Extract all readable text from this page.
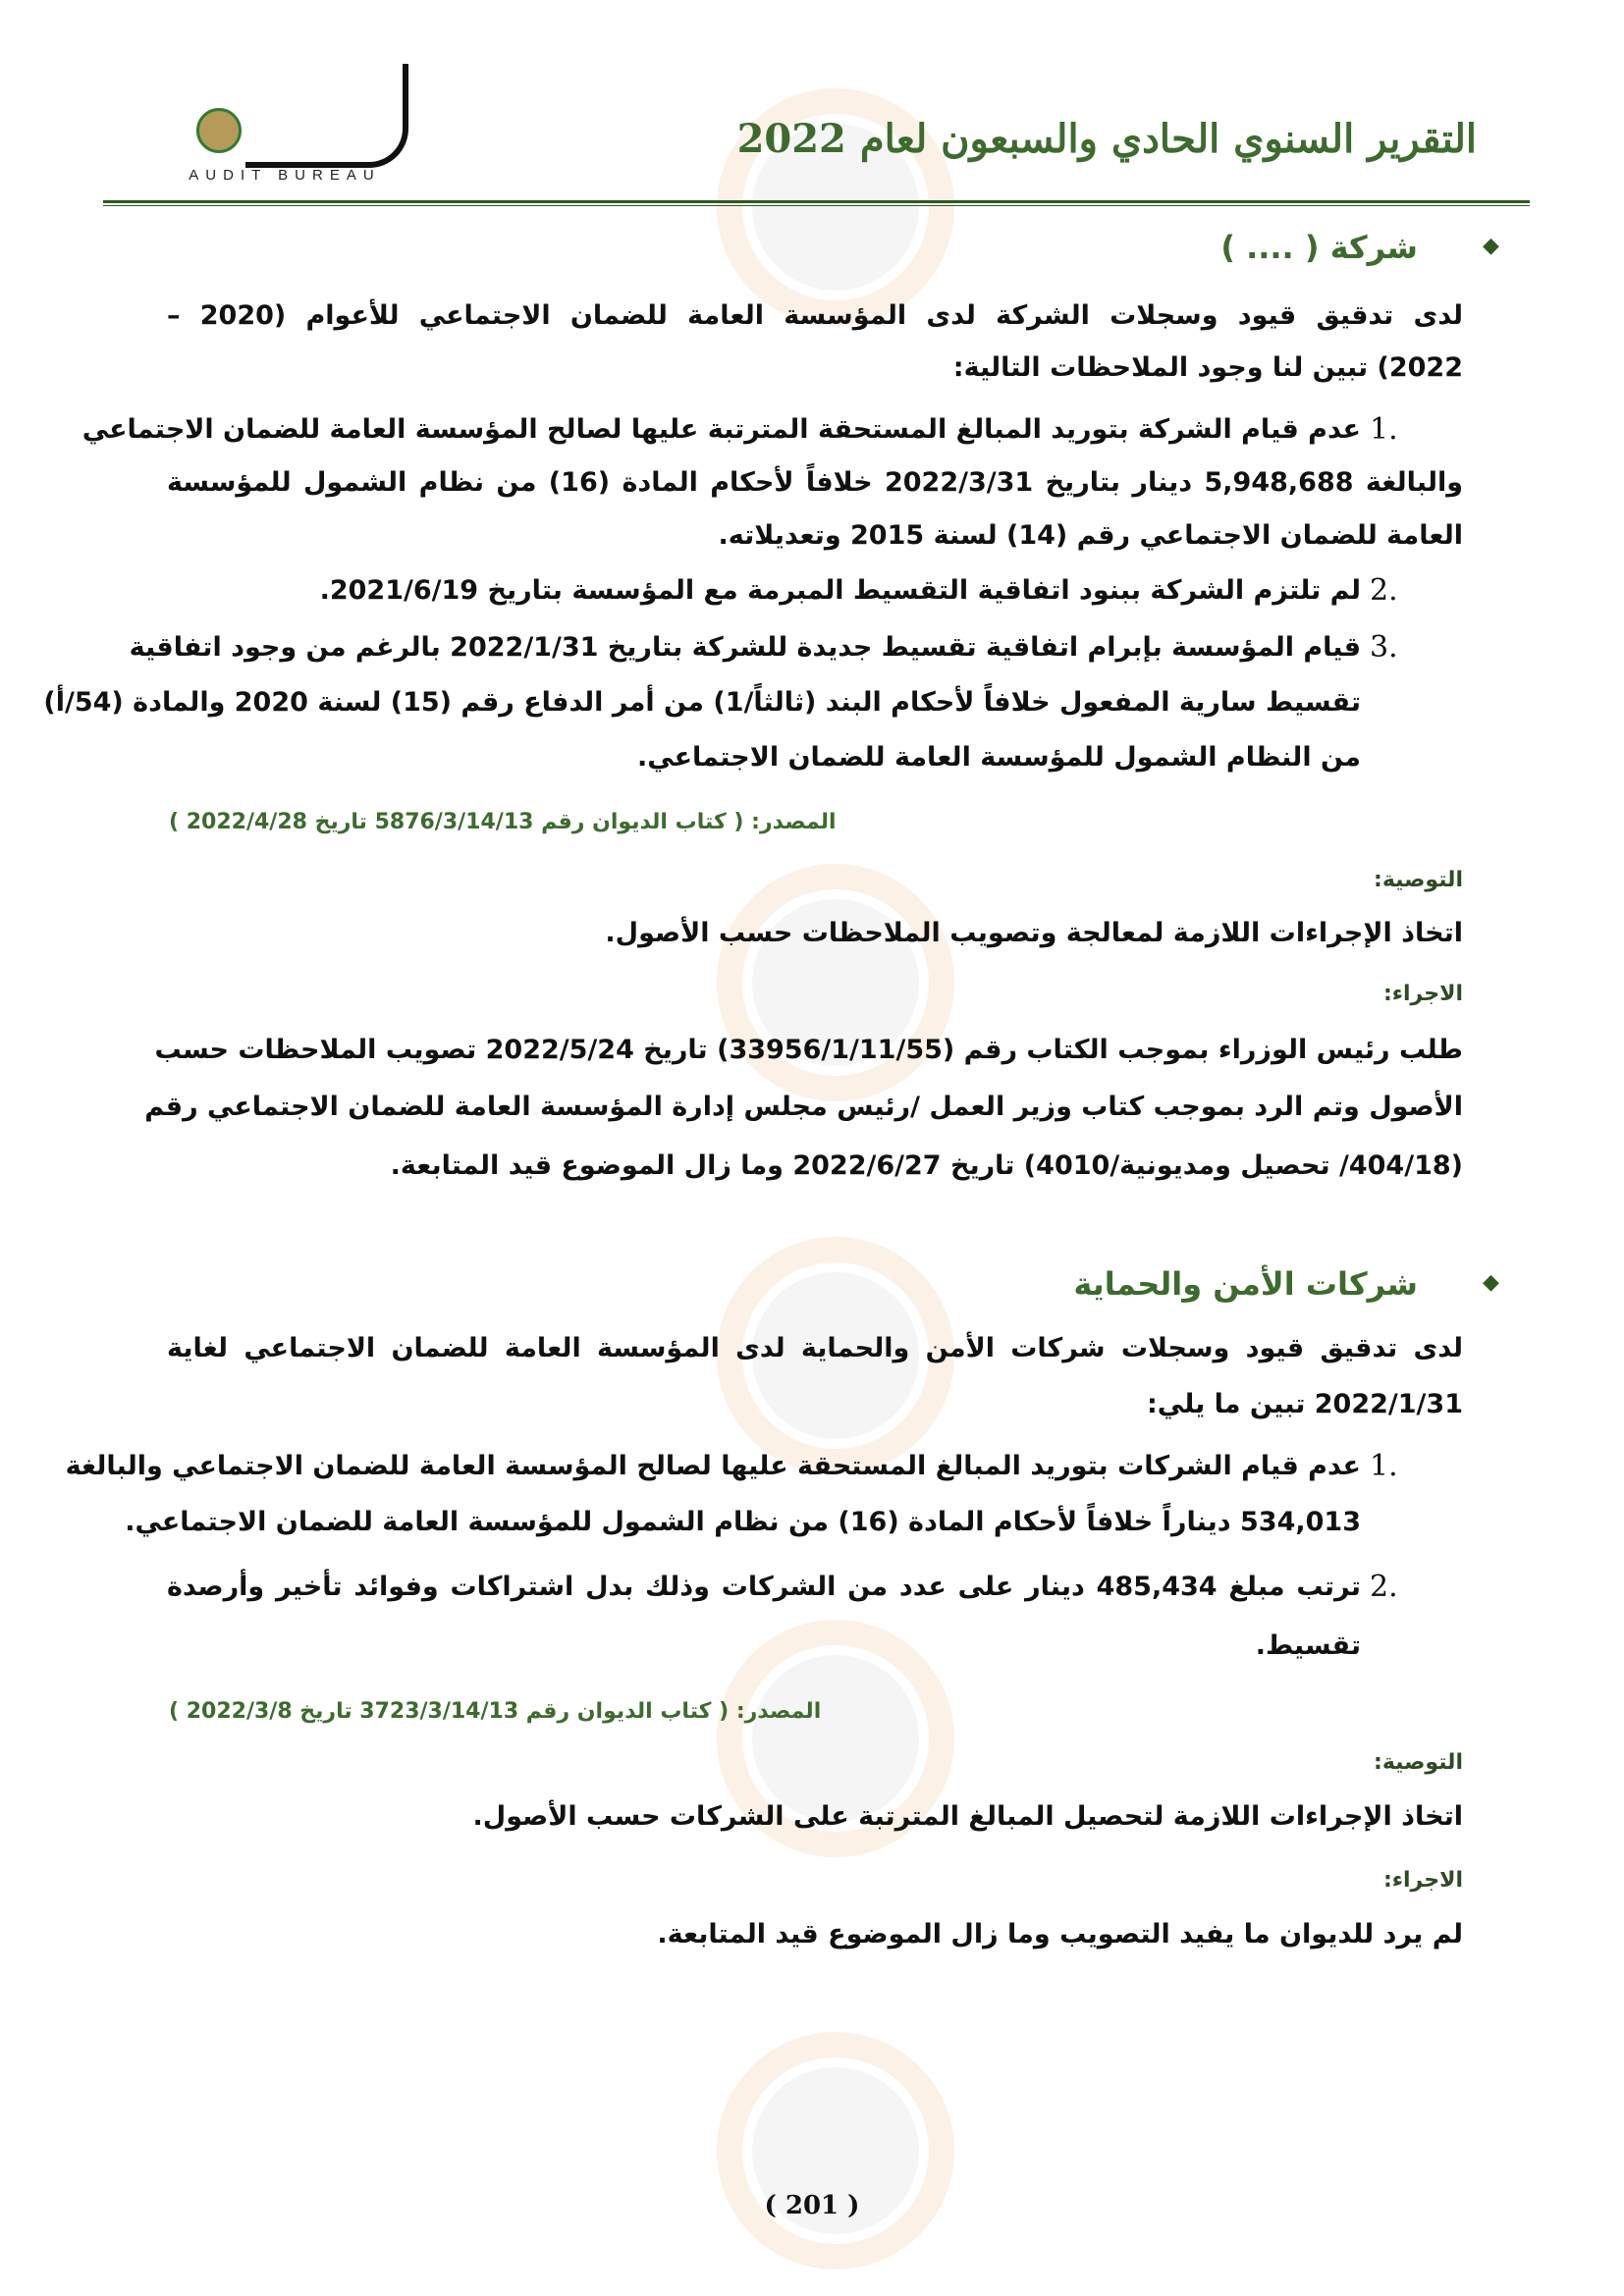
AUDIT BUREAU
التقرير السنوي الحادي والسبعون لعام 2022
◆
شركة ( .... )
لدى تدقيق قيود وسجلات الشركة لدى المؤسسة العامة للضمان الاجتماعي للأعوام (2020 –
2022) تبين لنا وجود الملاحظات التالية:
1.
عدم قيام الشركة بتوريد المبالغ المستحقة المترتبة عليها لصالح المؤسسة العامة للضمان الاجتماعي
والبالغة 5,948,688 دينار بتاريخ 2022/3/31 خلافاً لأحكام المادة (16) من نظام الشمول للمؤسسة
العامة للضمان الاجتماعي رقم (14) لسنة 2015 وتعديلاته.
2.
لم تلتزم الشركة ببنود اتفاقية التقسيط المبرمة مع المؤسسة بتاريخ 2021/6/19.
3.
قيام المؤسسة بإبرام اتفاقية تقسيط جديدة للشركة بتاريخ 2022/1/31 بالرغم من وجود اتفاقية
تقسيط سارية المفعول خلافاً لأحكام البند (ثالثاً/1) من أمر الدفاع رقم (15) لسنة 2020 والمادة (54/أ)
من النظام الشمول للمؤسسة العامة للضمان الاجتماعي.
المصدر: ( كتاب الديوان رقم 5876/3/14/13 تاريخ 2022/4/28 )
التوصية:
اتخاذ الإجراءات اللازمة لمعالجة وتصويب الملاحظات حسب الأصول.
الاجراء:
طلب رئيس الوزراء بموجب الكتاب رقم (33956/1/11/55) تاريخ 2022/5/24 تصويب الملاحظات حسب
الأصول وتم الرد بموجب كتاب وزير العمل /رئيس مجلس إدارة المؤسسة العامة للضمان الاجتماعي رقم
(404/18/ تحصيل ومديونية/4010) تاريخ 2022/6/27 وما زال الموضوع قيد المتابعة.
◆
شركات الأمن والحماية
لدى تدقيق قيود وسجلات شركات الأمن والحماية لدى المؤسسة العامة للضمان الاجتماعي لغاية
2022/1/31 تبين ما يلي:
1.
عدم قيام الشركات بتوريد المبالغ المستحقة عليها لصالح المؤسسة العامة للضمان الاجتماعي والبالغة
534,013 ديناراً خلافاً لأحكام المادة (16) من نظام الشمول للمؤسسة العامة للضمان الاجتماعي.
2.
ترتب مبلغ 485,434 دينار على عدد من الشركات وذلك بدل اشتراكات وفوائد تأخير وأرصدة
تقسيط.
المصدر: ( كتاب الديوان رقم 3723/3/14/13 تاريخ 2022/3/8 )
التوصية:
اتخاذ الإجراءات اللازمة لتحصيل المبالغ المترتبة على الشركات حسب الأصول.
الاجراء:
لم يرد للديوان ما يفيد التصويب وما زال الموضوع قيد المتابعة.
( 201 )
